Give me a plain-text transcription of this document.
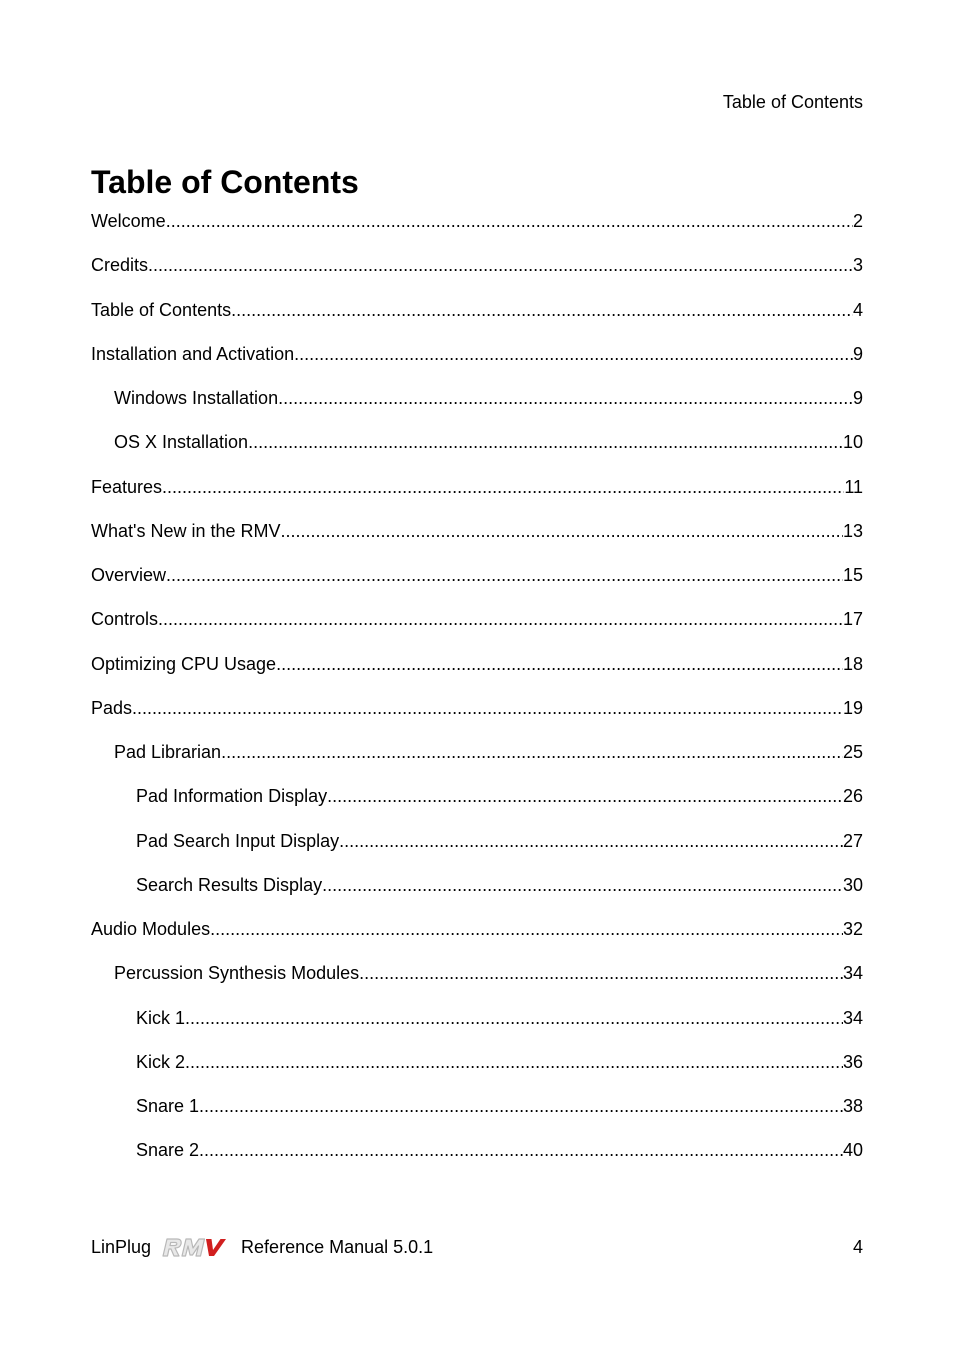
Table of Contents
Table of Contents
Welcome .....	2
Credits .....	3
Table of Contents .....	4
Installation and Activation .....	9
Windows Installation .....	9
OS X Installation .....	10
Features .....	11
What's New in the RMV .....	13
Overview .....	15
Controls .....	17
Optimizing CPU Usage .....	18
Pads .....	19
Pad Librarian .....	25
Pad Information Display .....	26
Pad Search Input Display .....	27
Search Results Display .....	30
Audio Modules .....	32
Percussion Synthesis Modules .....	34
Kick 1 .....	34
Kick 2 .....	36
Snare 1 .....	38
Snare 2 .....	40
LinPlug	Reference Manual 5.0.1	4
